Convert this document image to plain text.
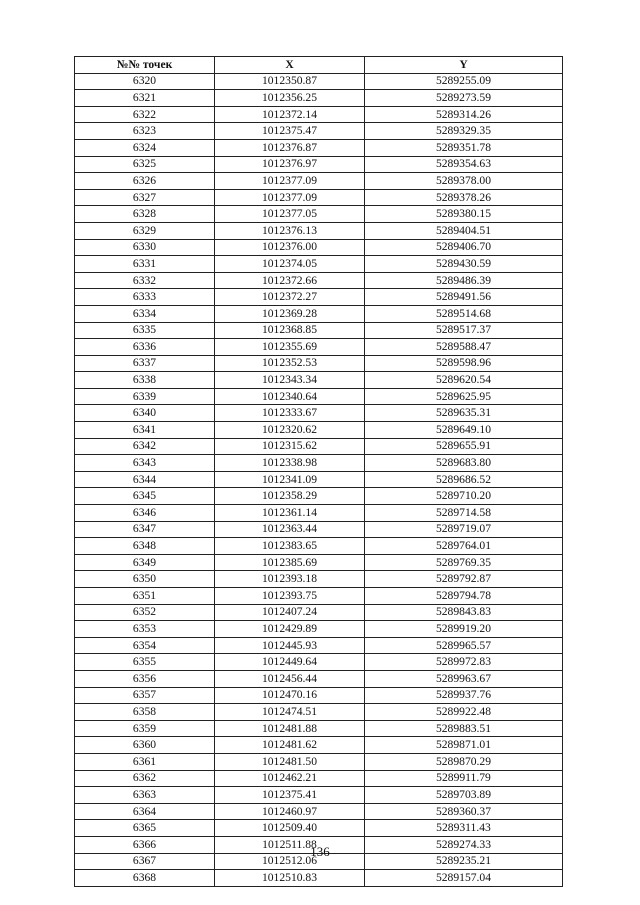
№№ точек	X	Y
6320	1012350.87	5289255.09
6321	1012356.25	5289273.59
6322	1012372.14	5289314.26
6323	1012375.47	5289329.35
6324	1012376.87	5289351.78
6325	1012376.97	5289354.63
6326	1012377.09	5289378.00
6327	1012377.09	5289378.26
6328	1012377.05	5289380.15
6329	1012376.13	5289404.51
6330	1012376.00	5289406.70
6331	1012374.05	5289430.59
6332	1012372.66	5289486.39
6333	1012372.27	5289491.56
6334	1012369.28	5289514.68
6335	1012368.85	5289517.37
6336	1012355.69	5289588.47
6337	1012352.53	5289598.96
6338	1012343.34	5289620.54
6339	1012340.64	5289625.95
6340	1012333.67	5289635.31
6341	1012320.62	5289649.10
6342	1012315.62	5289655.91
6343	1012338.98	5289683.80
6344	1012341.09	5289686.52
6345	1012358.29	5289710.20
6346	1012361.14	5289714.58
6347	1012363.44	5289719.07
6348	1012383.65	5289764.01
6349	1012385.69	5289769.35
6350	1012393.18	5289792.87
6351	1012393.75	5289794.78
6352	1012407.24	5289843.83
6353	1012429.89	5289919.20
6354	1012445.93	5289965.57
6355	1012449.64	5289972.83
6356	1012456.44	5289963.67
6357	1012470.16	5289937.76
6358	1012474.51	5289922.48
6359	1012481.88	5289883.51
6360	1012481.62	5289871.01
6361	1012481.50	5289870.29
6362	1012462.21	5289911.79
6363	1012375.41	5289703.89
6364	1012460.97	5289360.37
6365	1012509.40	5289311.43
6366	1012511.88	5289274.33
6367	1012512.06	5289235.21
6368	1012510.83	5289157.04
136
